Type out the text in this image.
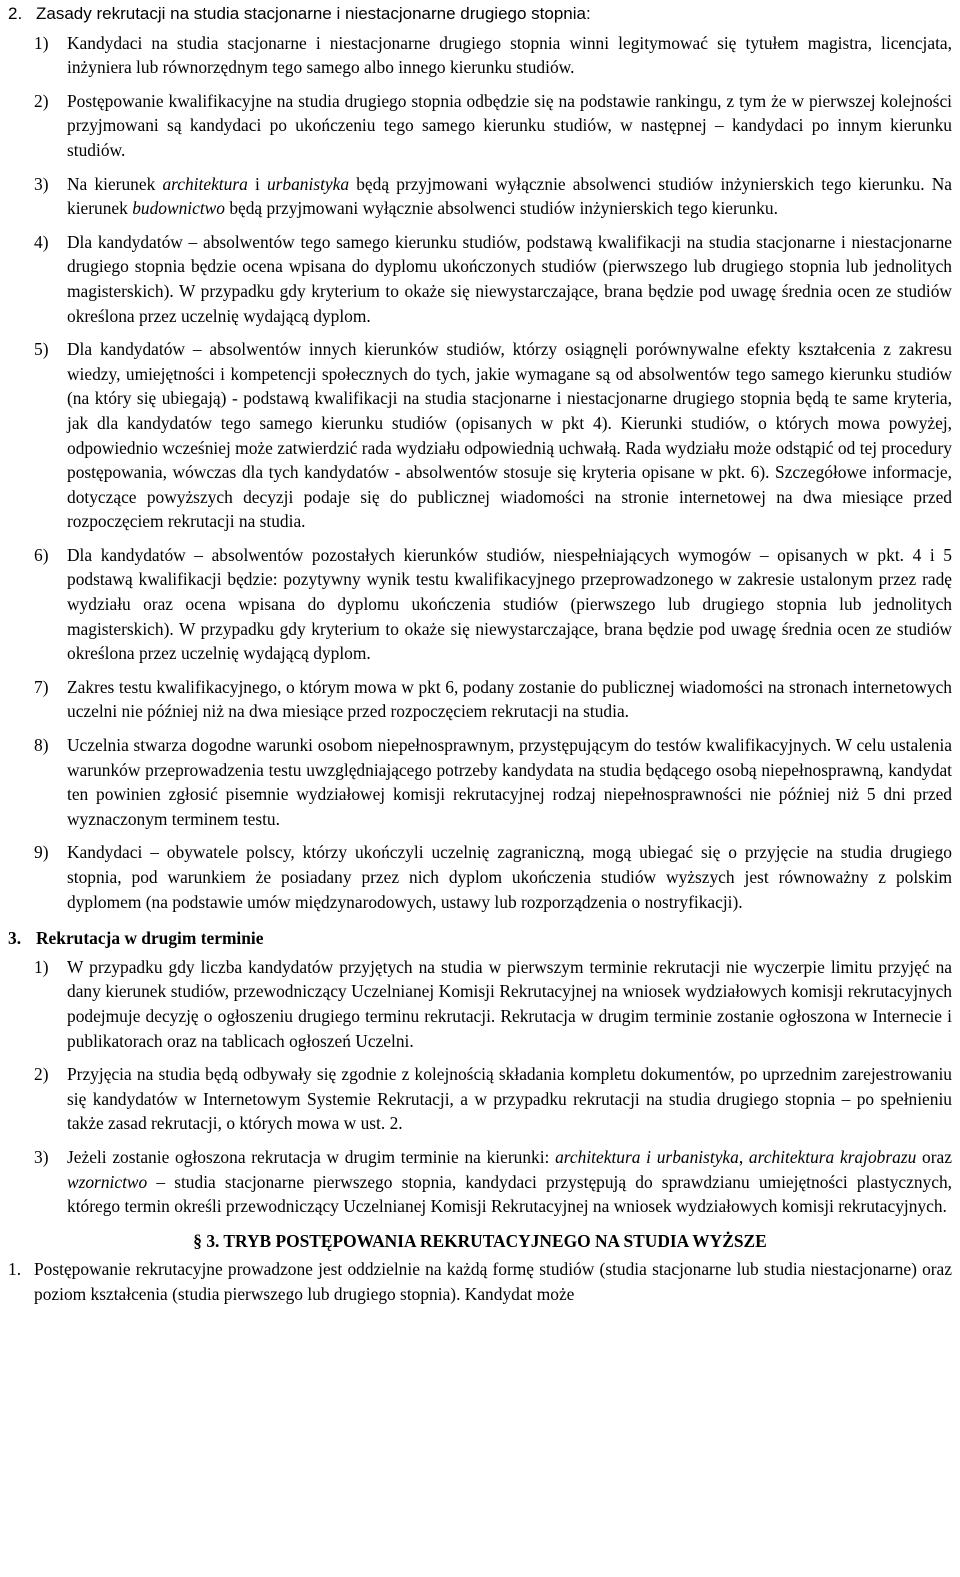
2. Zasady rekrutacji na studia stacjonarne i niestacjonarne drugiego stopnia:
1)	Kandydaci na studia stacjonarne i niestacjonarne drugiego stopnia winni legitymować się tytułem magistra, licencjata, inżyniera lub równorzędnym tego samego albo innego kierunku studiów.
2)	Postępowanie kwalifikacyjne na studia drugiego stopnia odbędzie się na podstawie rankingu, z tym że w pierwszej kolejności przyjmowani są kandydaci po ukończeniu tego samego kierunku studiów, w następnej – kandydaci po innym kierunku studiów.
3)	Na kierunek architektura i urbanistyka będą przyjmowani wyłącznie absolwenci studiów inżynierskich tego kierunku. Na kierunek budownictwo będą przyjmowani wyłącznie absolwenci studiów inżynierskich tego kierunku.
4)	Dla kandydatów – absolwentów tego samego kierunku studiów, podstawą kwalifikacji na studia stacjonarne i niestacjonarne drugiego stopnia będzie ocena wpisana do dyplomu ukończonych studiów (pierwszego lub drugiego stopnia lub jednolitych magisterskich). W przypadku gdy kryterium to okaże się niewystarczające, brana będzie pod uwagę średnia ocen ze studiów określona przez uczelnię wydającą dyplom.
5)	Dla kandydatów – absolwentów innych kierunków studiów, którzy osiągnęli porównywalne efekty kształcenia z zakresu wiedzy, umiejętności i kompetencji społecznych do tych, jakie wymagane są od absolwentów tego samego kierunku studiów (na który się ubiegają) - podstawą kwalifikacji na studia stacjonarne i niestacjonarne drugiego stopnia będą te same kryteria, jak dla kandydatów tego samego kierunku studiów (opisanych w pkt 4). Kierunki studiów, o których mowa powyżej, odpowiednio wcześniej może zatwierdzić rada wydziału odpowiednią uchwałą. Rada wydziału może odstąpić od tej procedury postępowania, wówczas dla tych kandydatów - absolwentów stosuje się kryteria opisane w pkt. 6). Szczegółowe informacje, dotyczące powyższych decyzji podaje się do publicznej wiadomości na stronie internetowej na dwa miesiące przed rozpoczęciem rekrutacji na studia.
6)	Dla kandydatów – absolwentów pozostałych kierunków studiów, niespełniających wymogów – opisanych w pkt. 4 i 5 podstawą kwalifikacji będzie: pozytywny wynik testu kwalifikacyjnego przeprowadzonego w zakresie ustalonym przez radę wydziału oraz ocena wpisana do dyplomu ukończenia studiów (pierwszego lub drugiego stopnia lub jednolitych magisterskich). W przypadku gdy kryterium to okaże się niewystarczające, brana będzie pod uwagę średnia ocen ze studiów określona przez uczelnię wydającą dyplom.
7)	Zakres testu kwalifikacyjnego, o którym mowa w pkt 6, podany zostanie do publicznej wiadomości na stronach internetowych uczelni nie później niż na dwa miesiące przed rozpoczęciem rekrutacji na studia.
8)	Uczelnia stwarza dogodne warunki osobom niepełnosprawnym, przystępującym do testów kwalifikacyjnych. W celu ustalenia warunków przeprowadzenia testu uwzględniającego potrzeby kandydata na studia będącego osobą niepełnosprawną, kandydat ten powinien zgłosić pisemnie wydziałowej komisji rekrutacyjnej rodzaj niepełnosprawności nie później niż 5 dni przed wyznaczonym terminem testu.
9)	Kandydaci – obywatele polscy, którzy ukończyli uczelnię zagraniczną, mogą ubiegać się o przyjęcie na studia drugiego stopnia, pod warunkiem że posiadany przez nich dyplom ukończenia studiów wyższych jest równoważny z polskim dyplomem (na podstawie umów międzynarodowych, ustawy lub rozporządzenia o nostryfikacji).
3. Rekrutacja w drugim terminie
1)	W przypadku gdy liczba kandydatów przyjętych na studia w pierwszym terminie rekrutacji nie wyczerpie limitu przyjęć na dany kierunek studiów, przewodniczący Uczelnianej Komisji Rekrutacyjnej na wniosek wydziałowych komisji rekrutacyjnych podejmuje decyzję o ogłoszeniu drugiego terminu rekrutacji. Rekrutacja w drugim terminie zostanie ogłoszona w Internecie i publikatorach oraz na tablicach ogłoszeń Uczelni.
2)	Przyjęcia na studia będą odbywały się zgodnie z kolejnością składania kompletu dokumentów, po uprzednim zarejestrowaniu się kandydatów w Internetowym Systemie Rekrutacji, a w przypadku rekrutacji na studia drugiego stopnia – po spełnieniu także zasad rekrutacji, o których mowa w ust. 2.
3)	Jeżeli zostanie ogłoszona rekrutacja w drugim terminie na kierunki: architektura i urbanistyka, architektura krajobrazu oraz wzornictwo – studia stacjonarne pierwszego stopnia, kandydaci przystępują do sprawdzianu umiejętności plastycznych, którego termin określi przewodniczący Uczelnianej Komisji Rekrutacyjnej na wniosek wydziałowych komisji rekrutacyjnych.
§ 3. TRYB POSTĘPOWANIA REKRUTACYJNEGO NA STUDIA WYŻSZE
1. Postępowanie rekrutacyjne prowadzone jest oddzielnie na każdą formę studiów (studia stacjonarne lub studia niestacjonarne) oraz poziom kształcenia (studia pierwszego lub drugiego stopnia). Kandydat może
